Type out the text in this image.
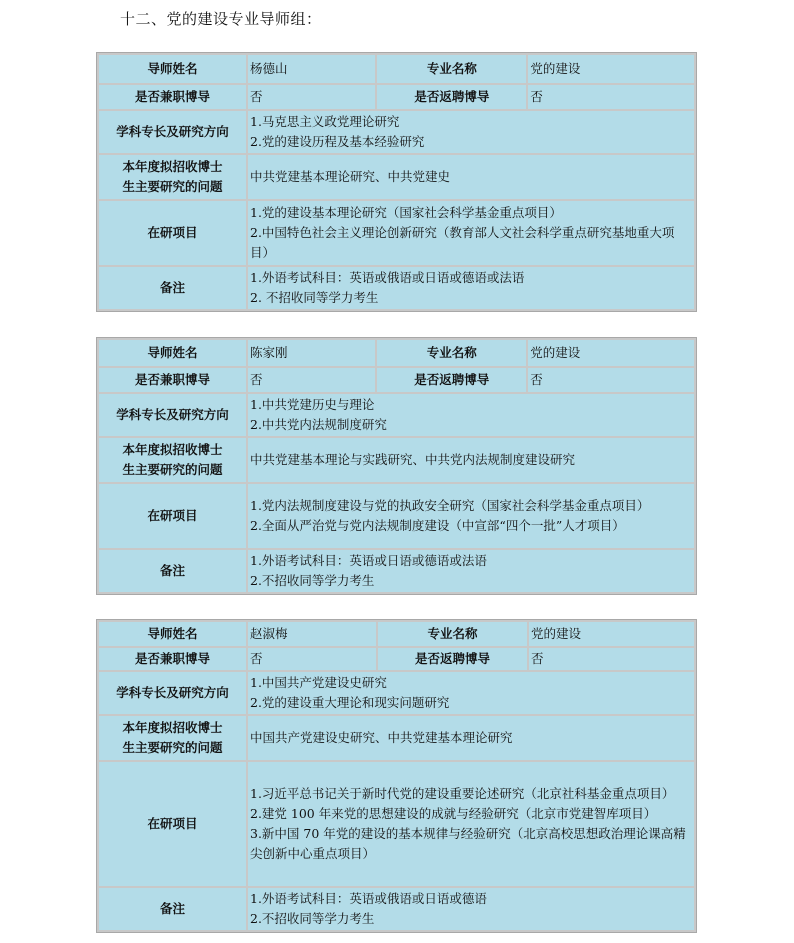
十二、党的建设专业导师组：
导师姓名	杨德山	专业名称	党的建设
是否兼职博导	否	是否返聘博导	否
学科专长及研究方向	1.马克思主义政党理论研究
2.党的建设历程及基本经验研究		

本年度拟招收博士
生主要研究的问题	中共党建基本理论研究、中共党建史		
在研项目	1.党的建设基本理论研究（国家社会科学基金重点项目）
2.中国特色社会主义理论创新研究（教育部人文社会科学重点研究基地重大项目）		

备注	1.外语考试科目：英语或俄语或日语或德语或法语
2. 不招收同等学力考生		
导师姓名	陈家刚	专业名称	党的建设
是否兼职博导	否	是否返聘博导	否
学科专长及研究方向	1.中共党建历史与理论
2.中共党内法规制度研究		

本年度拟招收博士
生主要研究的问题	中共党建基本理论与实践研究、中共党内法规制度建设研究		
在研项目	1.党内法规制度建设与党的执政安全研究（国家社会科学基金重点项目）
2.全面从严治党与党内法规制度建设（中宣部“四个一批”人才项目）		

备注	1.外语考试科目：英语或日语或德语或法语
2.不招收同等学力考生		
导师姓名	赵淑梅	专业名称	党的建设
是否兼职博导	否	是否返聘博导	否
学科专长及研究方向	1.中国共产党建设史研究
2.党的建设重大理论和现实问题研究		

本年度拟招收博士
生主要研究的问题	中国共产党建设史研究、中共党建基本理论研究		
在研项目	1.习近平总书记关于新时代党的建设重要论述研究（北京社科基金重点项目）
2.建党 100 年来党的思想建设的成就与经验研究（北京市党建智库项目）
3.新中国 70 年党的建设的基本规律与经验研究（北京高校思想政治理论课高精尖创新中心重点项目）		

备注	1.外语考试科目：英语或俄语或日语或德语
2.不招收同等学力考生		
